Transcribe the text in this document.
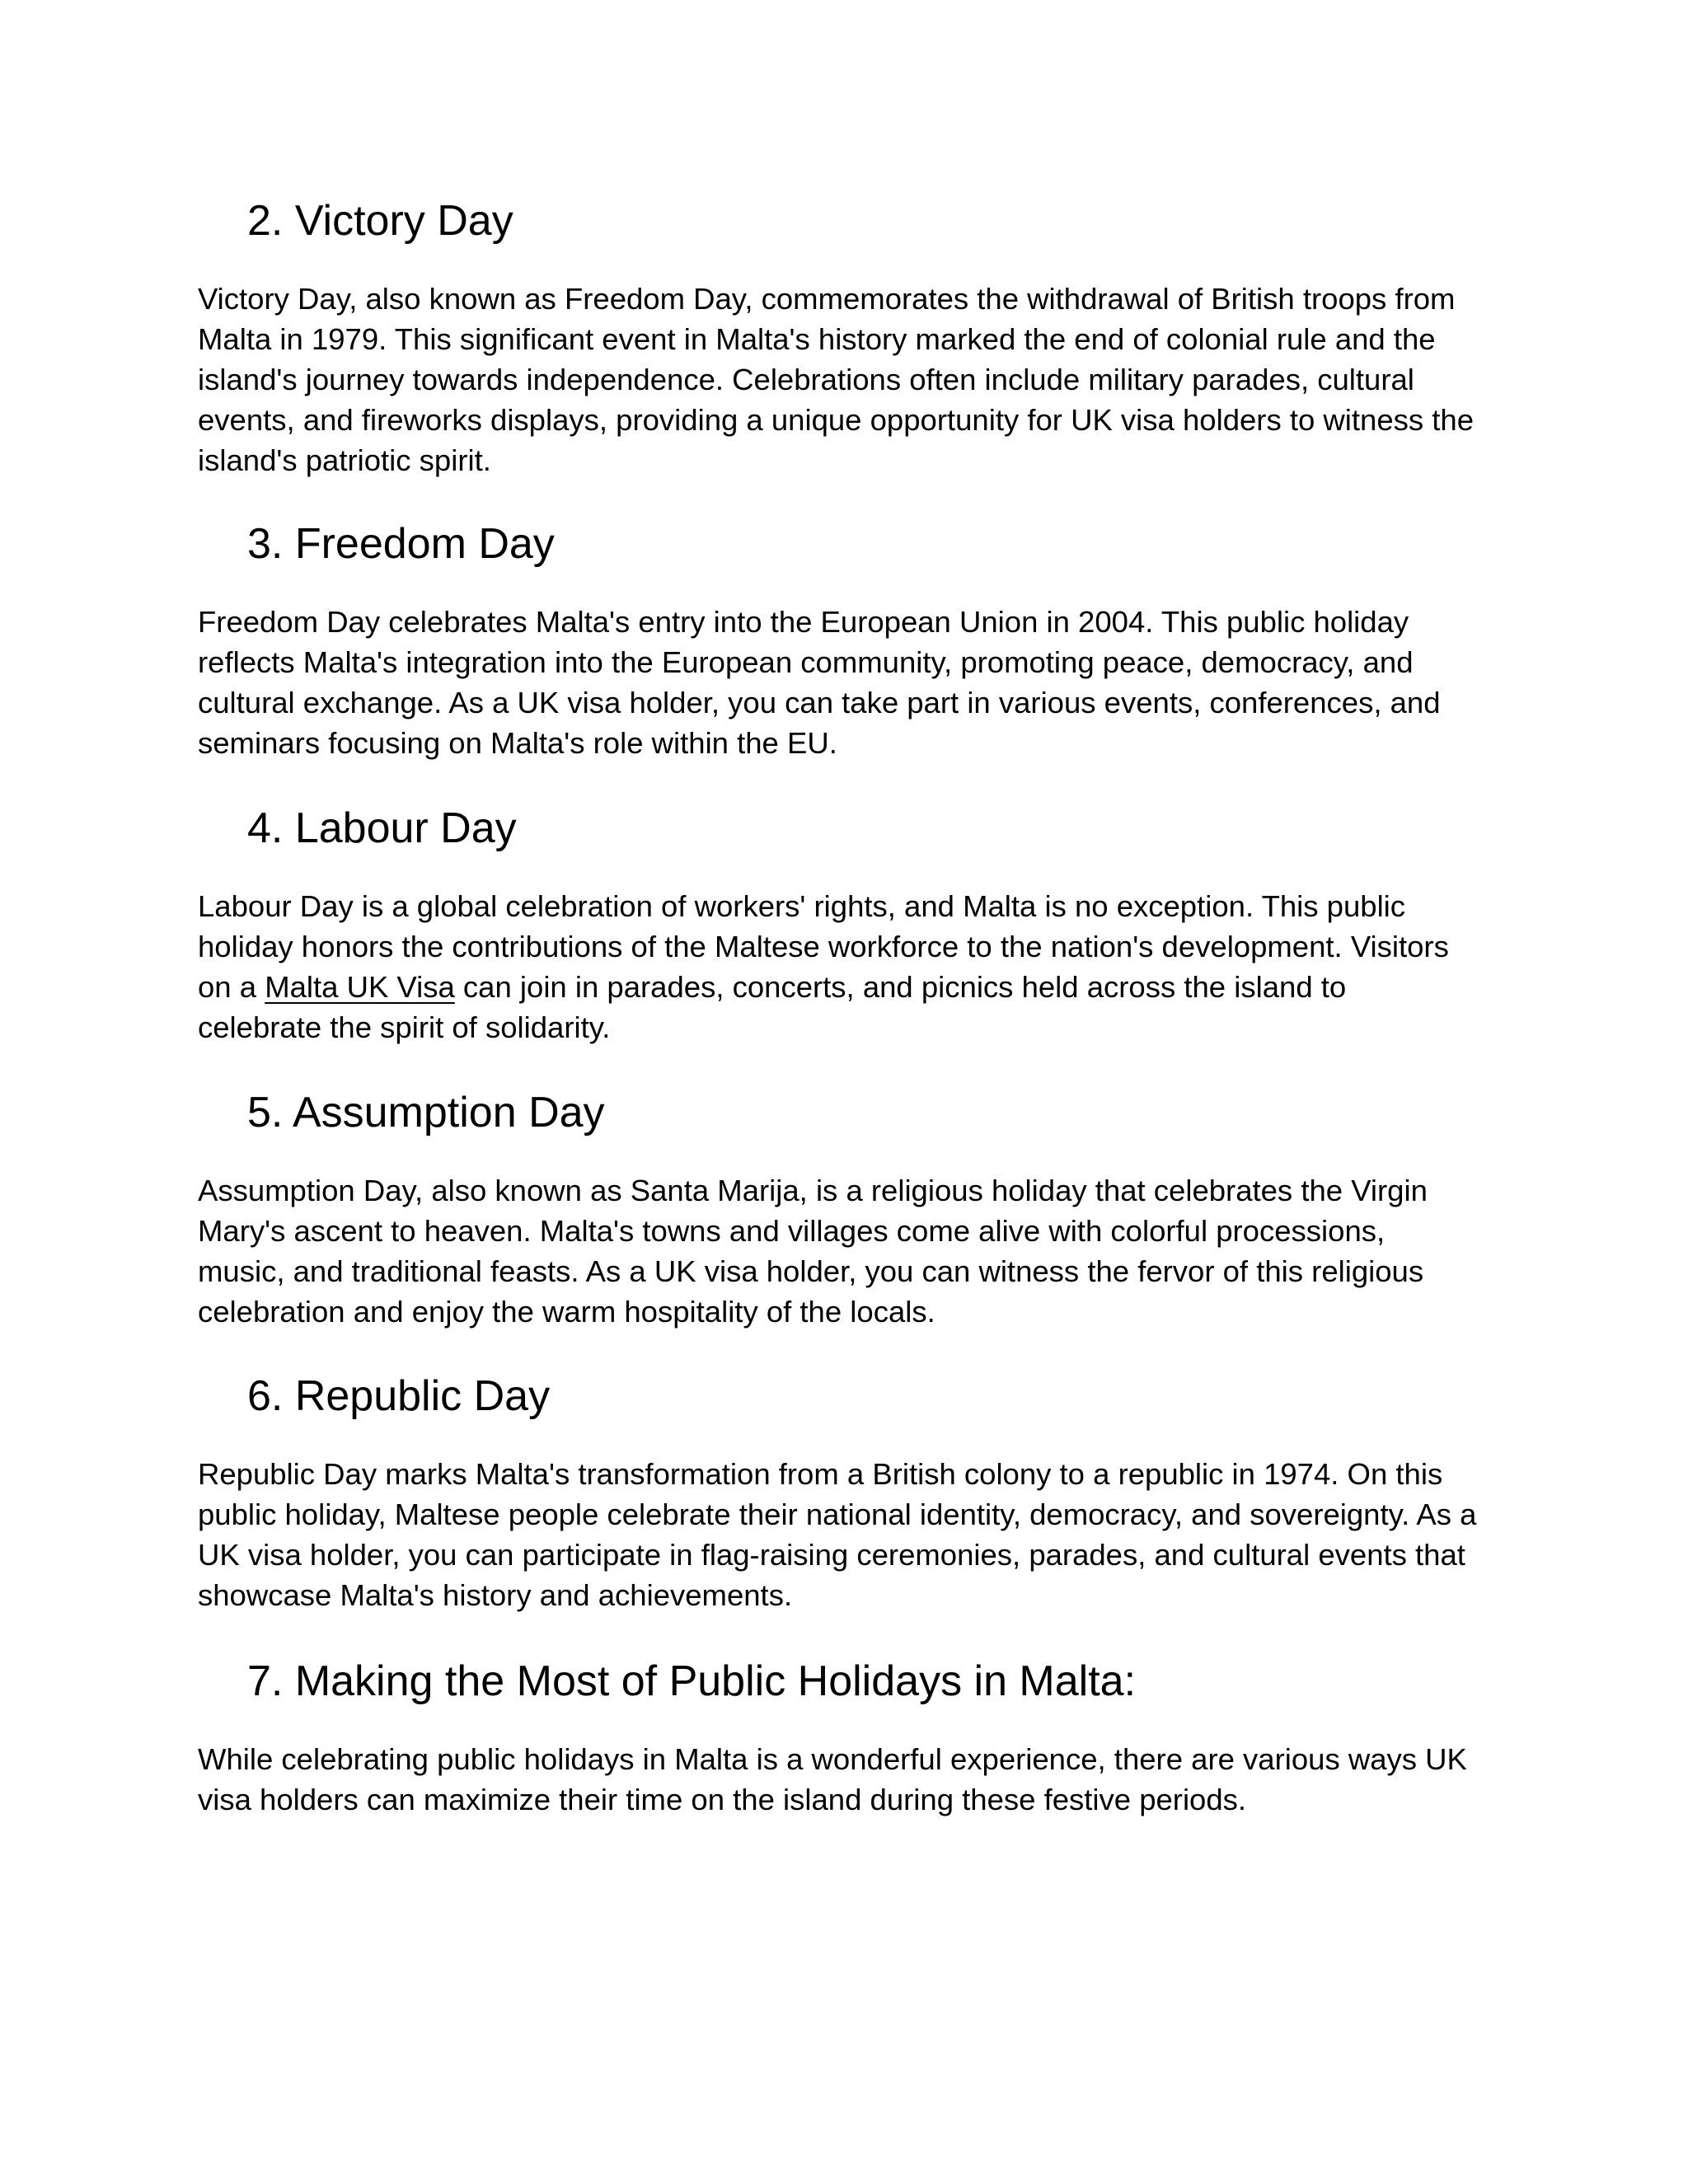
2. Victory Day

Victory Day, also known as Freedom Day, commemorates the withdrawal of British troops from
Malta in 1979. This significant event in Malta's history marked the end of colonial rule and the
island's journey towards independence. Celebrations often include military parades, cultural
events, and fireworks displays, providing a unique opportunity for UK visa holders to witness the
island's patriotic spirit.

3. Freedom Day

Freedom Day celebrates Malta's entry into the European Union in 2004. This public holiday
reflects Malta's integration into the European community, promoting peace, democracy, and
cultural exchange. As a UK visa holder, you can take part in various events, conferences, and
seminars focusing on Malta's role within the EU.

4. Labour Day

Labour Day is a global celebration of workers' rights, and Malta is no exception. This public
holiday honors the contributions of the Maltese workforce to the nation's development. Visitors
on a Malta UK Visa can join in parades, concerts, and picnics held across the island to
celebrate the spirit of solidarity.

5. Assumption Day

Assumption Day, also known as Santa Marija, is a religious holiday that celebrates the Virgin
Mary's ascent to heaven. Malta's towns and villages come alive with colorful processions,
music, and traditional feasts. As a UK visa holder, you can witness the fervor of this religious
celebration and enjoy the warm hospitality of the locals.

6. Republic Day

Republic Day marks Malta's transformation from a British colony to a republic in 1974. On this
public holiday, Maltese people celebrate their national identity, democracy, and sovereignty. As a
UK visa holder, you can participate in flag-raising ceremonies, parades, and cultural events that
showcase Malta's history and achievements.

7. Making the Most of Public Holidays in Malta:

While celebrating public holidays in Malta is a wonderful experience, there are various ways UK
visa holders can maximize their time on the island during these festive periods.
